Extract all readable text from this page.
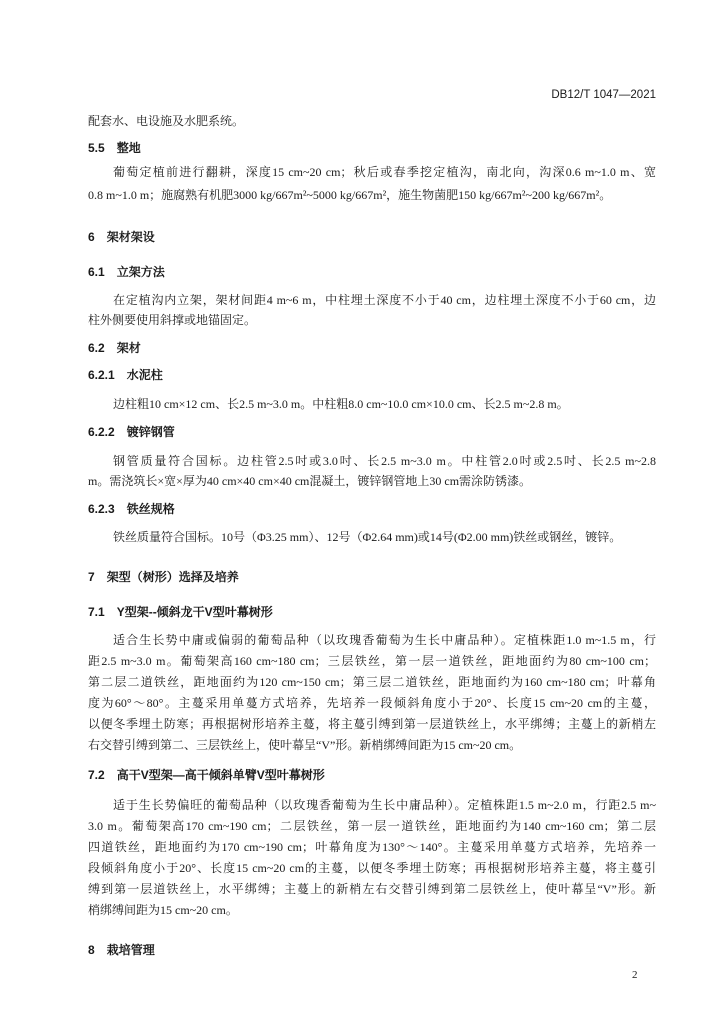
DB12/T 1047—2021
配套水、电设施及水肥系统。
5.5 整地
葡萄定植前进行翻耕，深度15 cm~20 cm；秋后或春季挖定植沟，南北向，沟深0.6 m~1.0 m、宽
0.8 m~1.0 m；施腐熟有机肥3000 kg/667m²~5000 kg/667m²，施生物菌肥150 kg/667m²~200 kg/667m²。
6 架材架设
6.1 立架方法
在定植沟内立架，架材间距4 m~6 m，中柱埋土深度不小于40 cm，边柱埋土深度不小于60 cm，边
柱外侧要使用斜撑或地锚固定。
6.2 架材
6.2.1 水泥柱
边柱粗10 cm×12 cm、长2.5 m~3.0 m。中柱粗8.0 cm~10.0 cm×10.0 cm、长2.5 m~2.8 m。
6.2.2 镀锌钢管
钢管质量符合国标。边柱管2.5吋或3.0吋、长2.5 m~3.0 m。中柱管2.0吋或2.5吋、长2.5 m~2.8
m。需浇筑长×宽×厚为40 cm×40 cm×40 cm混凝土，镀锌钢管地上30 cm需涂防锈漆。
6.2.3 铁丝规格
铁丝质量符合国标。10号（Φ3.25 mm）、12号（Φ2.64 mm)或14号(Φ2.00 mm)铁丝或钢丝，镀锌。
7 架型（树形）选择及培养
7.1 Y型架--倾斜龙干V型叶幕树形
适合生长势中庸或偏弱的葡萄品种（以玫瑰香葡萄为生长中庸品种）。定植株距1.0 m~1.5 m，行
距2.5 m~3.0 m。葡萄架高160 cm~180 cm；三层铁丝，第一层一道铁丝，距地面约为80 cm~100 cm；
第二层二道铁丝，距地面约为120 cm~150 cm；第三层二道铁丝，距地面约为160 cm~180 cm；叶幕角
度为60°～80°。主蔓采用单蔓方式培养，先培养一段倾斜角度小于20°、长度15 cm~20 cm的主蔓，
以便冬季埋土防寒；再根据树形培养主蔓，将主蔓引缚到第一层道铁丝上，水平绑缚；主蔓上的新梢左
右交替引缚到第二、三层铁丝上，使叶幕呈“V”形。新梢绑缚间距为15 cm~20 cm。
7.2 高干V型架—高干倾斜单臂V型叶幕树形
适于生长势偏旺的葡萄品种（以玫瑰香葡萄为生长中庸品种）。定植株距1.5 m~2.0 m，行距2.5 m~
3.0 m。葡萄架高170 cm~190 cm；二层铁丝，第一层一道铁丝，距地面约为140 cm~160 cm；第二层
四道铁丝，距地面约为170 cm~190 cm；叶幕角度为130°～140°。主蔓采用单蔓方式培养，先培养一
段倾斜角度小于20°、长度15 cm~20 cm的主蔓，以便冬季埋土防寒；再根据树形培养主蔓，将主蔓引
缚到第一层道铁丝上，水平绑缚；主蔓上的新梢左右交替引缚到第二层铁丝上，使叶幕呈“V”形。新
梢绑缚间距为15 cm~20 cm。
8 栽培管理
2
